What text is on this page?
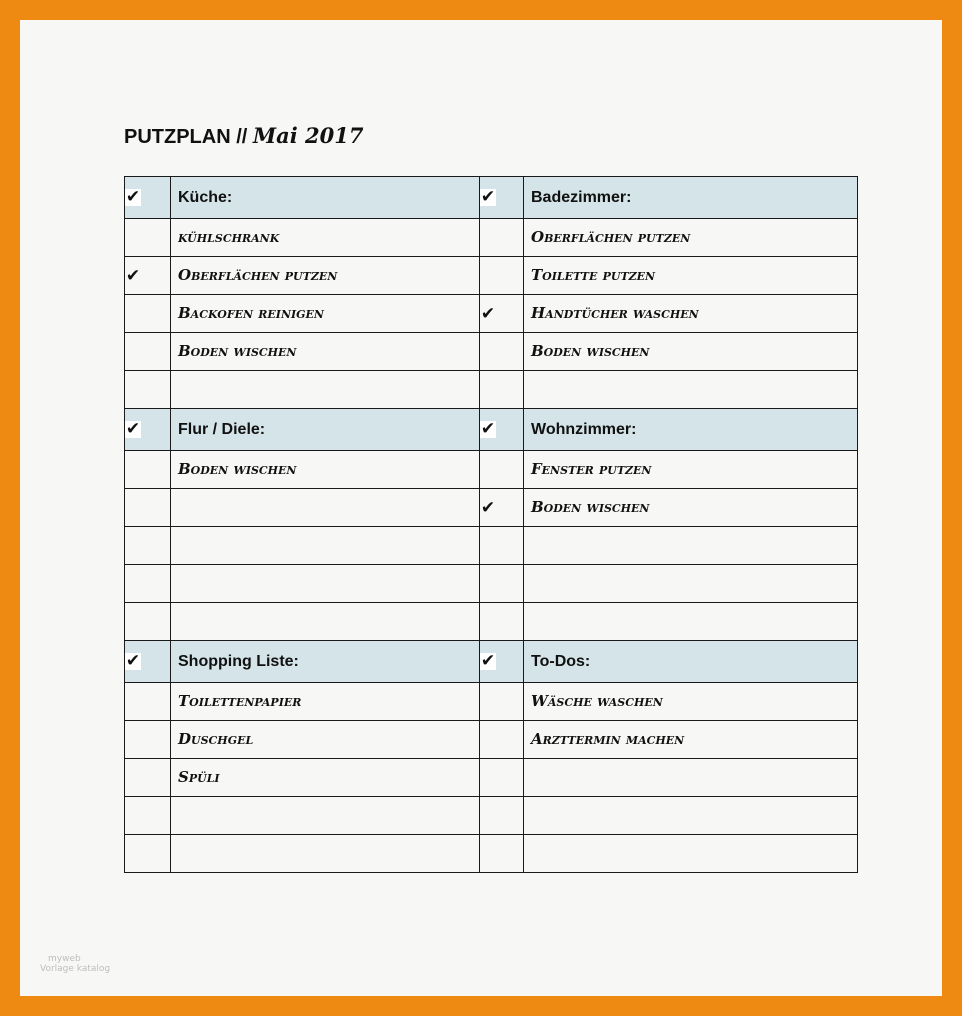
PUTZPLAN // Mai 2017
✔	Küche:	✔	Badezimmer:
	kühlschrank		Oberflächen putzen
✔	Oberflächen putzen		Toilette putzen
	Backofen reinigen	✔	Handtücher waschen
	Boden wischen		Boden wischen

✔	Flur / Diele:	✔	Wohnzimmer:
	Boden wischen		Fenster putzen
		✔	Boden wischen

✔	Shopping Liste:	✔	To-Dos:
	Toilettenpapier		Wäsche waschen
	Duschgel		Arzttermin machen
	Spüli		

myweb
Vorlage katalog
